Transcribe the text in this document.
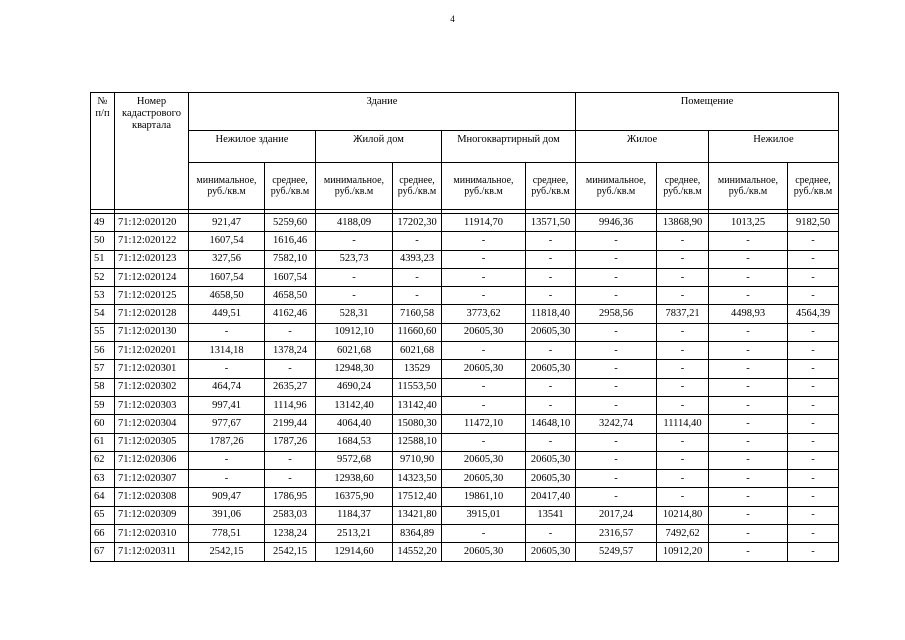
4
№ п/п	Номер кадастрового квартала	Здание						Помещение			
		Нежилое здание		Жилой дом		Многоквартирный дом		Жилое		Нежилое	
		минимальное, руб./кв.м	среднее, руб./кв.м	минимальное, руб./кв.м	среднее, руб./кв.м	минимальное, руб./кв.м	среднее, руб./кв.м	минимальное, руб./кв.м	среднее, руб./кв.м	минимальное, руб./кв.м	среднее, руб./кв.м

49	71:12:020120	921,47	5259,60	4188,09	17202,30	11914,70	13571,50	9946,36	13868,90	1013,25	9182,50
50	71:12:020122	1607,54	1616,46	-	-	-	-	-	-	-	-
51	71:12:020123	327,56	7582,10	523,73	4393,23	-	-	-	-	-	-
52	71:12:020124	1607,54	1607,54	-	-	-	-	-	-	-	-
53	71:12:020125	4658,50	4658,50	-	-	-	-	-	-	-	-
54	71:12:020128	449,51	4162,46	528,31	7160,58	3773,62	11818,40	2958,56	7837,21	4498,93	4564,39
55	71:12:020130	-	-	10912,10	11660,60	20605,30	20605,30	-	-	-	-
56	71:12:020201	1314,18	1378,24	6021,68	6021,68	-	-	-	-	-	-
57	71:12:020301	-	-	12948,30	13529	20605,30	20605,30	-	-	-	-
58	71:12:020302	464,74	2635,27	4690,24	11553,50	-	-	-	-	-	-
59	71:12:020303	997,41	1114,96	13142,40	13142,40	-	-	-	-	-	-
60	71:12:020304	977,67	2199,44	4064,40	15080,30	11472,10	14648,10	3242,74	11114,40	-	-
61	71:12:020305	1787,26	1787,26	1684,53	12588,10	-	-	-	-	-	-
62	71:12:020306	-	-	9572,68	9710,90	20605,30	20605,30	-	-	-	-
63	71:12:020307	-	-	12938,60	14323,50	20605,30	20605,30	-	-	-	-
64	71:12:020308	909,47	1786,95	16375,90	17512,40	19861,10	20417,40	-	-	-	-
65	71:12:020309	391,06	2583,03	1184,37	13421,80	3915,01	13541	2017,24	10214,80	-	-
66	71:12:020310	778,51	1238,24	2513,21	8364,89	-	-	2316,57	7492,62	-	-
67	71:12:020311	2542,15	2542,15	12914,60	14552,20	20605,30	20605,30	5249,57	10912,20	-	-
